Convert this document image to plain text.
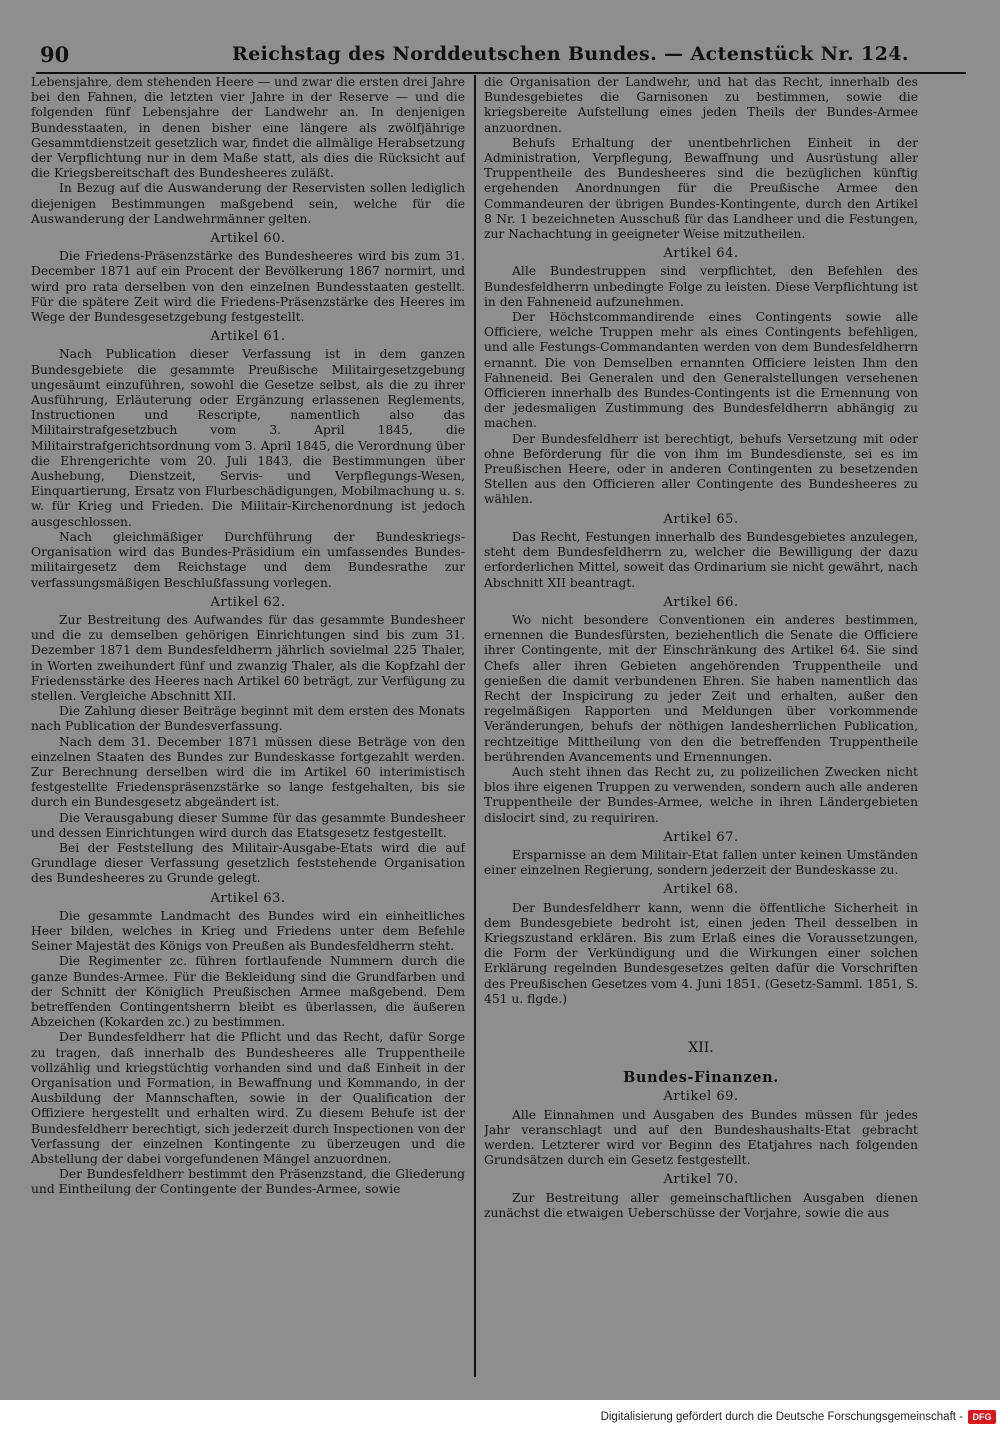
90	Reichstag des Norddeutschen Bundes. — Actenstück Nr. 124.

Lebensjahre, dem stehenden Heere — und zwar die ersten drei Jahre bei den Fahnen, die letzten vier Jahre in der Reserve — und die folgenden fünf Lebensjahre der Landwehr an. In denjenigen Bundesstaaten, in denen bisher eine längere als zwölfjährige Gesammtdienstzeit gesetzlich war, findet die allmälige Herabsetzung der Verpflichtung nur in dem Maße statt, als dies die Rücksicht auf die Kriegsbereitschaft des Bundesheeres zuläßt.

In Bezug auf die Auswanderung der Reservisten sollen lediglich diejenigen Bestimmungen maßgebend sein, welche für die Auswanderung der Landwehrmänner gelten.

Artikel 60.

Die Friedens-Präsenzstärke des Bundesheeres wird bis zum 31. December 1871 auf ein Procent der Bevölkerung 1867 normirt, und wird pro rata derselben von den einzelnen Bundesstaaten gestellt. Für die spätere Zeit wird die Friedens-Präsenzstärke des Heeres im Wege der Bundesgesetzgebung festgestellt.

Artikel 61.

Nach Publication dieser Verfassung ist in dem ganzen Bundesgebiete die gesammte Preußische Militairgesetzgebung ungesäumt einzuführen, sowohl die Gesetze selbst, als die zu ihrer Ausführung, Erläuterung oder Ergänzung erlassenen Reglements, Instructionen und Rescripte, namentlich also das Militairstrafgesetzbuch vom 3. April 1845, die Militairstrafgerichtsordnung vom 3. April 1845, die Verordnung über die Ehrengerichte vom 20. Juli 1843, die Bestimmungen über Aushebung, Dienstzeit, Servis- und Verpflegungs-Wesen, Einquartierung, Ersatz von Flurbeschädigungen, Mobilmachung u. s. w. für Krieg und Frieden. Die Militair-Kirchenordnung ist jedoch ausgeschlossen.

Nach gleichmäßiger Durchführung der Bundeskriegs-Organisation wird das Bundes-Präsidium ein umfassendes Bundes-militairgesetz dem Reichstage und dem Bundesrathe zur verfassungsmäßigen Beschlußfassung vorlegen.

Artikel 62.

Zur Bestreitung des Aufwandes für das gesammte Bundesheer und die zu demselben gehörigen Einrichtungen sind bis zum 31. Dezember 1871 dem Bundesfeldherrn jährlich sovielmal 225 Thaler, in Worten zweihundert fünf und zwanzig Thaler, als die Kopfzahl der Friedensstärke des Heeres nach Artikel 60 beträgt, zur Verfügung zu stellen. Vergleiche Abschnitt XII.

Die Zahlung dieser Beiträge beginnt mit dem ersten des Monats nach Publication der Bundesverfassung.

Nach dem 31. December 1871 müssen diese Beträge von den einzelnen Staaten des Bundes zur Bundeskasse fortgezahlt werden. Zur Berechnung derselben wird die im Artikel 60 interimistisch festgestellte Friedenspräsenzstärke so lange festgehalten, bis sie durch ein Bundesgesetz abgeändert ist.

Die Verausgabung dieser Summe für das gesammte Bundesheer und dessen Einrichtungen wird durch das Etatsgesetz festgestellt.

Bei der Feststellung des Militair-Ausgabe-Etats wird die auf Grundlage dieser Verfassung gesetzlich feststehende Organisation des Bundesheeres zu Grunde gelegt.

Artikel 63.

Die gesammte Landmacht des Bundes wird ein einheitliches Heer bilden, welches in Krieg und Friedens unter dem Befehle Seiner Majestät des Königs von Preußen als Bundesfeldherrn steht.

Die Regimenter zc. führen fortlaufende Nummern durch die ganze Bundes-Armee. Für die Bekleidung sind die Grundfarben und der Schnitt der Königlich Preußischen Armee maßgebend. Dem betreffenden Contingentsherrn bleibt es überlassen, die äußeren Abzeichen (Kokarden zc.) zu bestimmen.

Der Bundesfeldherr hat die Pflicht und das Recht, dafür Sorge zu tragen, daß innerhalb des Bundesheeres alle Truppentheile vollzählig und kriegstüchtig vorhanden sind und daß Einheit in der Organisation und Formation, in Bewaffnung und Kommando, in der Ausbildung der Mannschaften, sowie in der Qualification der Offiziere hergestellt und erhalten wird. Zu diesem Behufe ist der Bundesfeldherr berechtigt, sich jederzeit durch Inspectionen von der Verfassung der einzelnen Kontingente zu überzeugen und die Abstellung der dabei vorgefundenen Mängel anzuordnen.

Der Bundesfeldherr bestimmt den Präsenzstand, die Gliederung und Eintheilung der Contingente der Bundes-Armee, sowie

die Organisation der Landwehr, und hat das Recht, innerhalb des Bundesgebietes die Garnisonen zu bestimmen, sowie die kriegsbereite Aufstellung eines jeden Theils der Bundes-Armee anzuordnen.

Behufs Erhaltung der unentbehrlichen Einheit in der Administration, Verpflegung, Bewaffnung und Ausrüstung aller Truppentheile des Bundesheeres sind die bezüglichen künftig ergehenden Anordnungen für die Preußische Armee den Commandeuren der übrigen Bundes-Kontingente, durch den Artikel 8 Nr. 1 bezeichneten Ausschuß für das Landheer und die Festungen, zur Nachachtung in geeigneter Weise mitzutheilen.

Artikel 64.

Alle Bundestruppen sind verpflichtet, den Befehlen des Bundesfeldherrn unbedingte Folge zu leisten. Diese Verpflichtung ist in den Fahneneid aufzunehmen.

Der Höchstcommandirende eines Contingents sowie alle Officiere, welche Truppen mehr als eines Contingents befehligen, und alle Festungs-Commandanten werden von dem Bundesfeldherrn ernannt. Die von Demselben ernannten Officiere leisten Ihm den Fahneneid. Bei Generalen und den Generalstellungen versehenen Officieren innerhalb des Bundes-Contingents ist die Ernennung von der jedesmaligen Zustimmung des Bundesfeldherrn abhängig zu machen.

Der Bundesfeldherr ist berechtigt, behufs Versetzung mit oder ohne Beförderung für die von ihm im Bundesdienste, sei es im Preußischen Heere, oder in anderen Contingenten zu besetzenden Stellen aus den Officieren aller Contingente des Bundesheeres zu wählen.

Artikel 65.

Das Recht, Festungen innerhalb des Bundesgebietes anzulegen, steht dem Bundesfeldherrn zu, welcher die Bewilligung der dazu erforderlichen Mittel, soweit das Ordinarium sie nicht gewährt, nach Abschnitt XII beantragt.

Artikel 66.

Wo nicht besondere Conventionen ein anderes bestimmen, ernennen die Bundesfürsten, beziehentlich die Senate die Officiere ihrer Contingente, mit der Einschränkung des Artikel 64. Sie sind Chefs aller ihren Gebieten angehörenden Truppentheile und genießen die damit verbundenen Ehren. Sie haben namentlich das Recht der Inspicirung zu jeder Zeit und erhalten, außer den regelmäßigen Rapporten und Meldungen über vorkommende Veränderungen, behufs der nöthigen landesherrlichen Publication, rechtzeitige Mittheilung von den die betreffenden Truppentheile berührenden Avancements und Ernennungen.

Auch steht ihnen das Recht zu, zu polizeilichen Zwecken nicht blos ihre eigenen Truppen zu verwenden, sondern auch alle anderen Truppentheile der Bundes-Armee, welche in ihren Ländergebieten dislocirt sind, zu requiriren.

Artikel 67.

Ersparnisse an dem Militair-Etat fallen unter keinen Umständen einer einzelnen Regierung, sondern jederzeit der Bundeskasse zu.

Artikel 68.

Der Bundesfeldherr kann, wenn die öffentliche Sicherheit in dem Bundesgebiete bedroht ist, einen jeden Theil desselben in Kriegszustand erklären. Bis zum Erlaß eines die Voraussetzungen, die Form der Verkündigung und die Wirkungen einer solchen Erklärung regelnden Bundesgesetzes gelten dafür die Vorschriften des Preußischen Gesetzes vom 4. Juni 1851. (Gesetz-Samml. 1851, S. 451 u. flgde.)

XII.
Bundes-Finanzen.
Artikel 69.

Alle Einnahmen und Ausgaben des Bundes müssen für jedes Jahr veranschlagt und auf den Bundeshaushalts-Etat gebracht werden. Letzterer wird vor Beginn des Etatjahres nach folgenden Grundsätzen durch ein Gesetz festgestellt.

Artikel 70.

Zur Bestreitung aller gemeinschaftlichen Ausgaben dienen zunächst die etwaigen Ueberschüsse der Vorjahre, sowie die aus

Digitalisierung gefördert durch die Deutsche Forschungsgemeinschaft -	DFG
